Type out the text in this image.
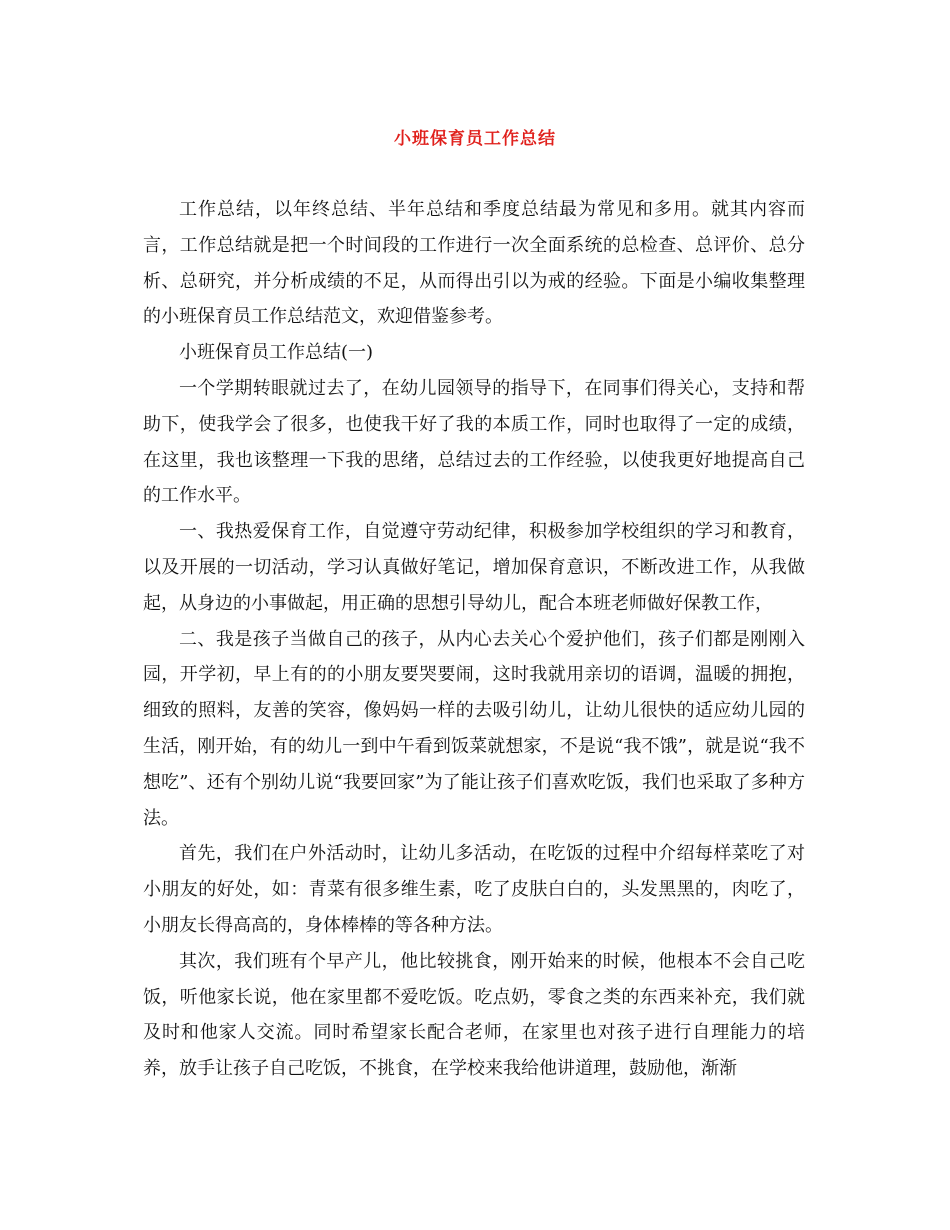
小班保育员工作总结

工作总结，以年终总结、半年总结和季度总结最为常见和多用。就其内容而言，工作总结就是把一个时间段的工作进行一次全面系统的总检查、总评价、总分析、总研究，并分析成绩的不足，从而得出引以为戒的经验。下面是小编收集整理的小班保育员工作总结范文，欢迎借鉴参考。

小班保育员工作总结(一)

一个学期转眼就过去了，在幼儿园领导的指导下，在同事们得关心，支持和帮助下，使我学会了很多，也使我干好了我的本质工作，同时也取得了一定的成绩，在这里，我也该整理一下我的思绪，总结过去的工作经验，以使我更好地提高自己的工作水平。

一、我热爱保育工作，自觉遵守劳动纪律，积极参加学校组织的学习和教育，以及开展的一切活动，学习认真做好笔记，增加保育意识，不断改进工作，从我做起，从身边的小事做起，用正确的思想引导幼儿，配合本班老师做好保教工作，

二、我是孩子当做自己的孩子，从内心去关心个爱护他们，孩子们都是刚刚入园，开学初，早上有的的小朋友要哭要闹，这时我就用亲切的语调，温暖的拥抱，细致的照料，友善的笑容，像妈妈一样的去吸引幼儿，让幼儿很快的适应幼儿园的生活，刚开始，有的幼儿一到中午看到饭菜就想家，不是说“我不饿”，就是说“我不想吃”、还有个别幼儿说“我要回家”为了能让孩子们喜欢吃饭，我们也采取了多种方法。

首先，我们在户外活动时，让幼儿多活动，在吃饭的过程中介绍每样菜吃了对小朋友的好处，如：青菜有很多维生素，吃了皮肤白白的，头发黑黑的，肉吃了，小朋友长得高高的，身体棒棒的等各种方法。

其次，我们班有个早产儿，他比较挑食，刚开始来的时候，他根本不会自己吃饭，听他家长说，他在家里都不爱吃饭。吃点奶，零食之类的东西来补充，我们就及时和他家人交流。同时希望家长配合老师，在家里也对孩子进行自理能力的培养，放手让孩子自己吃饭，不挑食，在学校来我给他讲道理，鼓励他，渐渐
